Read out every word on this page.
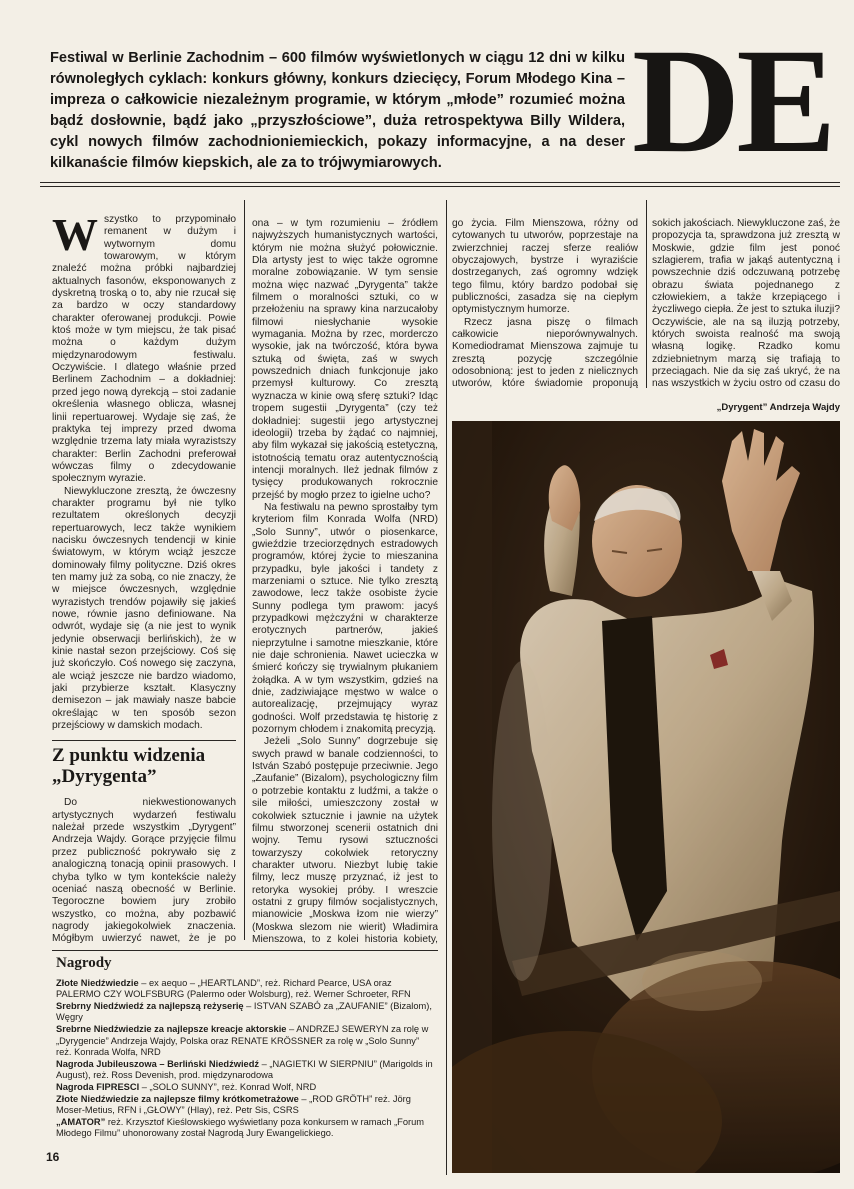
Festiwal w Berlinie Zachodnim – 600 filmów wyświetlonych w ciągu 12 dni w kilku równoległych cyklach: konkurs główny, konkurs dziecięcy, Forum Młodego Kina – impreza o całkowicie niezależnym programie, w którym „młode” rozumieć można bądź dosłownie, bądź jako „przyszłościowe”, duża retrospektywa Billy Wildera, cykl nowych filmów zachodnioniemieckich, pokazy informacyjne, a na deser kilkanaście filmów kiepskich, ale za to trójwymiarowych.	DE

Wszystko to przypominało remanent w dużym i wytwornym domu towarowym, w którym znaleźć można próbki najbardziej aktualnych fasonów, eksponowanych z dyskretną troską o to, aby nie rzucał się za bardzo w oczy standardowy charakter oferowanej produkcji. Powie ktoś może w tym miejscu, że tak pisać można o każdym dużym międzynarodowym festiwalu. Oczywiście. I dlatego właśnie przed Berlinem Zachodnim – a dokładniej: przed jego nową dyrekcją – stoi zadanie określenia własnego oblicza, własnej linii repertuarowej. Wydaje się zaś, że praktyka tej imprezy przed dwoma względnie trzema laty miała wyrazistszy charakter: Berlin Zachodni preferował wówczas filmy o zdecydowanie społecznym wyrazie.

Niewykluczone zresztą, że ówczesny charakter programu był nie tylko rezultatem określonych decyzji repertuarowych, lecz także wynikiem nacisku ówczesnych tendencji w kinie światowym, w którym wciąż jeszcze dominowały filmy polityczne. Dziś okres ten mamy już za sobą, co nie znaczy, że w miejsce ówczesnych, względnie wyrazistych trendów pojawiły się jakieś nowe, równie jasno definiowane. Na odwrót, wydaje się (a nie jest to wynik jedynie obserwacji berlińskich), że w kinie nastał sezon przejściowy. Coś się już skończyło. Coś nowego się zaczyna, ale wciąż jeszcze nie bardzo wiadomo, jaki przybierze kształt. Klasyczny demisezon – jak mawiały nasze babcie określając w ten sposób sezon przejściowy w damskich modach.

Z punktu widzenia „Dyrygenta”

Do niekwestionowanych artystycznych wydarzeń festiwalu należał przede wszystkim „Dyrygent” Andrzeja Wajdy. Gorące przyjęcie filmu przez publiczność pokrywało się z analogiczną tonacją opinii prasowych. I chyba tylko w tym kontekście należy oceniać naszą obecność w Berlinie. Tegoroczne bowiem jury zrobiło wszystko, co można, aby pozbawić nagrody jakiegokolwiek znaczenia. Mógłbym uwierzyć nawet, że je po

ona – w tym rozumieniu – źródłem najwyższych humanistycznych wartości, którym nie można służyć połowicznie. Dla artysty jest to więc także ogromne moralne zobowiązanie. W tym sensie można więc nazwać „Dyrygenta” także filmem o moralności sztuki, co w przełożeniu na sprawy kina narzucałoby filmowi niesłychanie wysokie wymagania. Można by rzec, morderczo wysokie, jak na twórczość, która bywa sztuką od święta, zaś w swych powszednich dniach funkcjonuje jako przemysł kulturowy. Co zresztą wyznacza w kinie ową sferę sztuki? Idąc tropem sugestii „Dyrygenta” (czy też dokładniej: sugestii jego artystycznej ideologii) trzeba by żądać co najmniej, aby film wykazał się jakością estetyczną, istotnością tematu oraz autentycznością intencji moralnych. Ileż jednak filmów z tysięcy produkowanych rokrocznie przejść by mogło przez to igielne ucho?

Na festiwalu na pewno sprostałby tym kryteriom film Konrada Wolfa (NRD) „Solo Sunny”, utwór o piosenkarce, gwieździe trzeciorzędnych estradowych programów, której życie to mieszanina przypadku, byle jakości i tandety z marzeniami o sztuce. Nie tylko zresztą zawodowe, lecz także osobiste życie Sunny podlega tym prawom: jacyś przypadkowi mężczyźni w charakterze erotycznych partnerów, jakieś nieprzytulne i samotne mieszkanie, które nie daje schronienia. Nawet ucieczka w śmierć kończy się trywialnym płukaniem żołądka. A w tym wszystkim, gdzieś na dnie, zadziwiające męstwo w walce o autorealizację, przejmujący wyraz godności. Wolf przedstawia tę historię z pozornym chłodem i znakomitą precyzją.

Jeżeli „Solo Sunny” dogrzebuje się swych prawd w banale codzienności, to István Szabó postępuje przeciwnie. Jego „Zaufanie” (Bizalom), psychologiczny film o potrzebie kontaktu z ludźmi, a także o sile miłości, umieszczony został w cokolwiek sztucznie i jawnie na użytek filmu stworzonej scenerii ostatnich dni wojny. Temu rysowi sztuczności towarzyszy cokolwiek retoryczny charakter utworu. Niezbyt lubię takie filmy, lecz muszę przyznać, iż jest to retoryka wysokiej próby. I wreszcie ostatni z grupy filmów socjalistycznych, mianowicie „Moskwa łzom nie wierzy” (Moskwa slezom nie wierit) Władimira Mienszowa, to z kolei historia kobiety,

go życia. Film Mienszowa, różny od cytowanych tu utworów, poprzestaje na zwierzchniej raczej sferze realiów obyczajowych, bystrze i wyraziście dostrzeganych, zaś ogromny wdzięk tego filmu, który bardzo podobał się publiczności, zasadza się na ciepłym optymistycznym humorze.

Rzecz jasna piszę o filmach całkowicie nieporównywalnych. Komediodramat Mienszowa zajmuje tu zresztą pozycję szczególnie odosobnioną: jest to jeden z nielicznych utworów, które świadomie proponują

sokich jakościach. Niewykluczone zaś, że propozycja ta, sprawdzona już zresztą w Moskwie, gdzie film jest ponoć szlagierem, trafia w jakąś autentyczną i powszechnie dziś odczuwaną potrzebę obrazu świata pojednanego z człowiekiem, a także krzepiącego i życzliwego ciepła. Że jest to sztuka iluzji? Oczywiście, ale na są iluzją potrzeby, których swoista realność ma swoją własną logikę. Rzadko komu zdziebnietnym marzą się trafiają to przeciągach. Nie da się zaś ukryć, że na nas wszystkich w życiu ostro od czasu do

„Dyrygent” Andrzeja Wajdy
Nagrody
Złote Niedźwiedzie – ex aequo – „HEARTLAND”, reż. Richard Pearce, USA oraz PALERMO CZY WOLFSBURG (Palermo oder Wolsburg), reż. Werner Schroeter, RFN
Srebrny Niedźwiedź za najlepszą reżyserię – ISTVAN SZABÓ za „ZAUFANIE” (Bizalom), Węgry
Srebrne Niedźwiedzie za najlepsze kreacje aktorskie – ANDRZEJ SEWERYN za rolę w „Dyrygencie” Andrzeja Wajdy, Polska oraz RENATE KRÖSSNER za rolę w „Solo Sunny” reż. Konrada Wolfa, NRD
Nagroda Jubileuszowa – Berliński Niedźwiedź – „NAGIETKI W SIERPNIU” (Marigolds in August), reż. Ross Devenish, prod. międzynarodowa
Nagroda FIPRESCI – „SOLO SUNNY”, reż. Konrad Wolf, NRD
Złote Niedźwiedzie za najlepsze filmy krótkometrażowe – „ROD GRÖTH” reż. Jörg Moser-Metius, RFN i „GŁOWY” (Hlay), reż. Petr Sis, CSRS
„AMATOR” reż. Krzysztof Kieślowskiego wyświetlany poza konkursem w ramach „Forum Młodego Filmu” uhonorowany został Nagrodą Jury Ewangelickiego.
16
